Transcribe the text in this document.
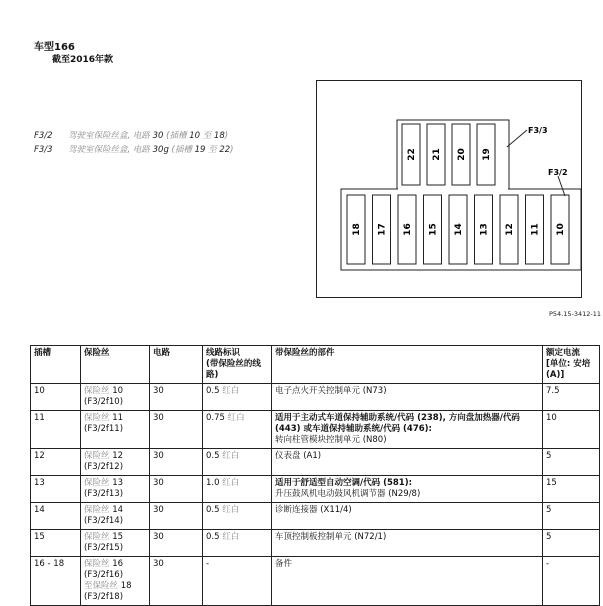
车型166
截至2016年款
F3/2 驾驶室保险丝盒, 电路 30 (插槽 10 至 18)
F3/3 驾驶室保险丝盒, 电路 30g (插槽 19 至 22)	22 21 20 19
18 17 16 15 14 13 12 11 10
F3/3
F3/2
P54.15-3412-11
插槽	保险丝	电路	线路标识
(带保险丝的线路)	带保险丝的部件	额定电流
[单位: 安培
(A)]
10	保险丝 10
(F3/2f10)	30	0.5 红白	电子点火开关控制单元 (N73)	7.5
11	保险丝 11
(F3/2f11)	30	0.75 红白	适用于主动式车道保持辅助系统/代码 (238), 方向盘加热器/代码 (443) 或车道保持辅助系统/代码 (476):
转向柱管模块控制单元 (N80)	10
12	保险丝 12
(F3/2f12)	30	0.5 红白	仪表盘 (A1)	5
13	保险丝 13
(F3/2f13)	30	1.0 红白	适用于舒适型自动空调/代码 (581):
升压鼓风机电动鼓风机调节器 (N29/8)	15
14	保险丝 14
(F3/2f14)	30	0.5 红白	诊断连接器 (X11/4)	5
15	保险丝 15
(F3/2f15)	30	0.5 红白	车顶控制板控制单元 (N72/1)	5
16 - 18	保险丝 16
(F3/2f16)
至保险丝 18
(F3/2f18)	30	-	备件	-
